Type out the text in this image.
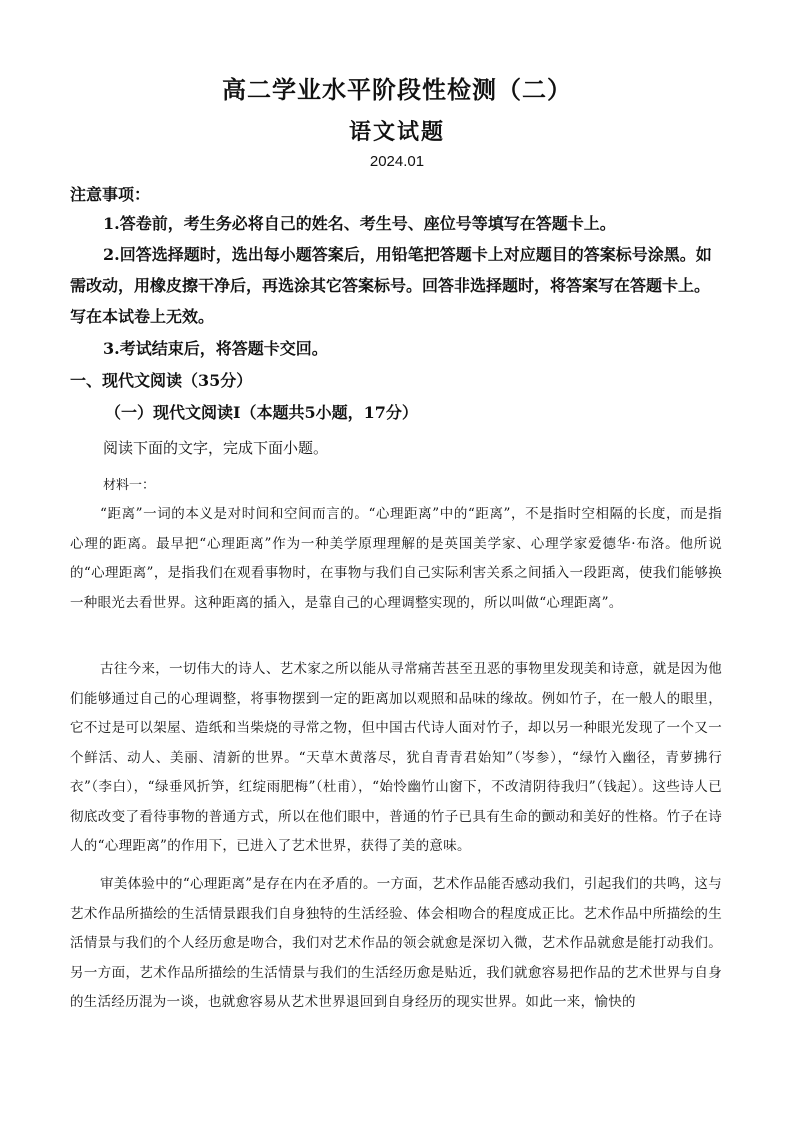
高二学业水平阶段性检测（二）
语文试题
2024.01
注意事项：
1.答卷前，考生务必将自己的姓名、考生号、座位号等填写在答题卡上。
2.回答选择题时，选出每小题答案后，用铅笔把答题卡上对应题目的答案标号涂黑。如需改动，用橡皮擦干净后，再选涂其它答案标号。回答非选择题时，将答案写在答题卡上。写在本试卷上无效。
3.考试结束后，将答题卡交回。
一、现代文阅读（35分）
（一）现代文阅读Ⅰ（本题共5小题，17分）
阅读下面的文字，完成下面小题。
材料一：
“距离”一词的本义是对时间和空间而言的。“心理距离”中的“距离”，不是指时空相隔的长度，而是指心理的距离。最早把“心理距离”作为一种美学原理理解的是英国美学家、心理学家爱德华·布洛。他所说的“心理距离”，是指我们在观看事物时，在事物与我们自己实际利害关系之间插入一段距离，使我们能够换一种眼光去看世界。这种距离的插入，是靠自己的心理调整实现的，所以叫做“心理距离”。
古往今来，一切伟大的诗人、艺术家之所以能从寻常痛苦甚至丑恶的事物里发现美和诗意，就是因为他们能够通过自己的心理调整，将事物摆到一定的距离加以观照和品味的缘故。例如竹子，在一般人的眼里，它不过是可以架屋、造纸和当柴烧的寻常之物，但中国古代诗人面对竹子，却以另一种眼光发现了一个又一个鲜活、动人、美丽、清新的世界。“天草木黄落尽，犹自青青君始知”（岑参），“绿竹入幽径，青萝拂行衣”（李白），“绿垂风折笋，红绽雨肥梅”（杜甫），“始怜幽竹山窗下，不改清阴待我归”（钱起）。这些诗人已彻底改变了看待事物的普通方式，所以在他们眼中，普通的竹子已具有生命的颤动和美好的性格。竹子在诗人的“心理距离”的作用下，已进入了艺术世界，获得了美的意味。
审美体验中的“心理距离”是存在内在矛盾的。一方面，艺术作品能否感动我们，引起我们的共鸣，这与艺术作品所描绘的生活情景跟我们自身独特的生活经验、体会相吻合的程度成正比。艺术作品中所描绘的生活情景与我们的个人经历愈是吻合，我们对艺术作品的领会就愈是深切入微，艺术作品就愈是能打动我们。另一方面，艺术作品所描绘的生活情景与我们的生活经历愈是贴近，我们就愈容易把作品的艺术世界与自身的生活经历混为一谈，也就愈容易从艺术世界退回到自身经历的现实世界。如此一来，愉快的
